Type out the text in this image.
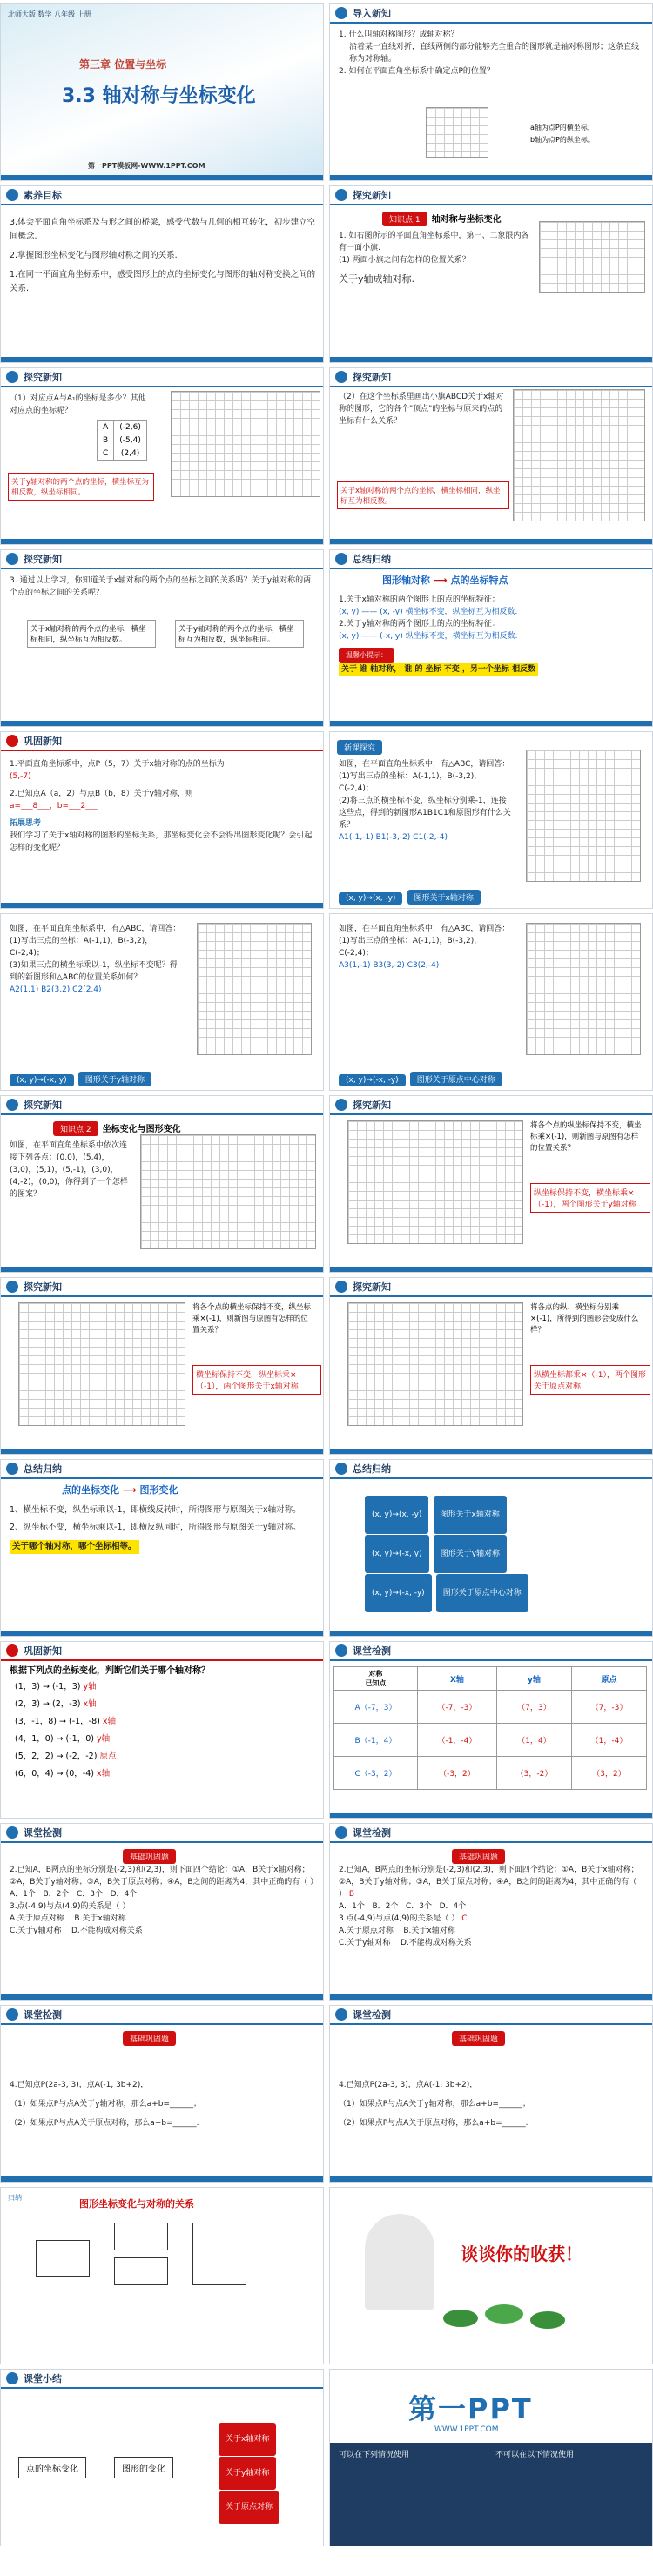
北师大版 数学 八年级 上册
第三章 位置与坐标
3.3 轴对称与坐标变化
第一PPT模板网-WWW.1PPT.COM
导入新知
1. 什么叫轴对称图形？成轴对称？
沿着某一直线对折，直线两侧的部分能够完全重合的图形就是轴对称图形；这条直线称为对称轴。
2. 如何在平面直角坐标系中确定点P的位置？
a轴为点P的横坐标，
b轴为点P的纵坐标。
素养目标
3.体会平面直角坐标系及与形之间的桥梁，感受代数与几何的相互转化，初步建立空间概念.
2.掌握图形坐标变化与图形轴对称之间的关系.
1.在同一平面直角坐标系中，感受图形上的点的坐标变化与图形的轴对称变换之间的关系.
探究新知
知识点 1 轴对称与坐标变化
1. 如右图所示的平面直角坐标系中，第一、二象限内各有一面小旗.
(1) 两面小旗之间有怎样的位置关系？
关于y轴成轴对称.
探究新知
（1）对应点A与A₁的坐标是多少？其他对应点的坐标呢？
A	(-2,6)
B	(-5,4)
C	(2,4)
关于y轴对称的两个点的坐标，横坐标互为相反数，纵坐标相同。
探究新知
（2）在这个坐标系里画出小旗ABCD关于x轴对称的图形，它的各个"顶点"的坐标与原来的点的坐标有什么关系？
关于x轴对称的两个点的坐标，横坐标相同，纵坐标互为相反数。
探究新知
3. 通过以上学习，你知道关于x轴对称的两个点的坐标之间的关系吗？关于y轴对称的两个点的坐标之间的关系呢？
关于x轴对称的两个点的坐标，横坐标相同，纵坐标互为相反数。
关于y轴对称的两个点的坐标，横坐标互为相反数，纵坐标相同。
总结归纳
图形轴对称 ⟶ 点的坐标特点
1.关于x轴对称的两个图形上的点的坐标特征：
(x, y) —— (x, -y) 横坐标不变，纵坐标互为相反数.
2.关于y轴对称的两个图形上的点的坐标特征：
(x, y) —— (-x, y) 纵坐标不变，横坐标互为相反数.
温馨小提示：
关于 谁 轴对称， 谁 的 坐标 不变 ，另一个坐标 相反数
巩固新知
1.平面直角坐标系中，点P（5，7）关于x轴对称的点的坐标为
(5,-7)
2.已知点A（a，2）与点B（b，8）关于y轴对称，则
a=___8___，b=___2___
拓展思考
我们学习了关于x轴对称的图形的坐标关系，那坐标变化会不会得出图形变化呢？会引起怎样的变化呢？
新课探究
如图，在平面直角坐标系中，有△ABC，请回答：
(1)写出三点的坐标：A(-1,1)，B(-3,2)，C(-2,4)；
(2)将三点的横坐标不变，纵坐标分别乘-1，连接这些点，得到的新图形A1B1C1和原图形有什么关系？
A1(-1,-1) B1(-3,-2) C1(-2,-4)
(x, y)→(x, -y) 图形关于x轴对称
如图，在平面直角坐标系中，有△ABC，请回答：
(1)写出三点的坐标：A(-1,1)，B(-3,2)，C(-2,4)；
(3)如果三点的横坐标乘以-1，纵坐标不变呢？得到的新图形和△ABC的位置关系如何？
A2(1,1) B2(3,2) C2(2,4)
(x, y)→(-x, y) 图形关于y轴对称
如图，在平面直角坐标系中，有△ABC，请回答：
(1)写出三点的坐标：A(-1,1)，B(-3,2)，C(-2,4)；
A3(1,-1) B3(3,-2) C3(2,-4)
(x, y)→(-x, -y) 图形关于原点中心对称
探究新知
知识点 2 坐标变化与图形变化
如图，在平面直角坐标系中依次连接下列各点：(0,0)，(5,4)，(3,0)，(5,1)，(5,-1)，(3,0)，(4,-2)，(0,0)，你得到了一个怎样的图案？
探究新知
将各个点的纵坐标保持不变，横坐标乘×(-1)，则新图与原图有怎样的位置关系？
纵坐标保持不变，横坐标乘×（-1），两个图形关于y轴对称
探究新知
将各个点的横坐标保持不变，纵坐标乘×(-1)，则新图与原图有怎样的位置关系？
横坐标保持不变，纵坐标乘×（-1），两个图形关于x轴对称
探究新知
将各点的纵、横坐标分别乘×(-1)，所得到的图形会变成什么样？
纵横坐标都乘×（-1），两个图形关于原点对称
总结归纳
点的坐标变化 ⟶ 图形变化
1、横坐标不变，纵坐标乘以-1，即横线反转时，所得图形与原图关于x轴对称。
2、纵坐标不变，横坐标乘以-1，即横反纵同时，所得图形与原图关于y轴对称。
关于哪个轴对称，哪个坐标相等。
总结归纳
(x, y)→(x, -y) 图形关于x轴对称
(x, y)→(-x, y) 图形关于y轴对称
(x, y)→(-x, -y) 图形关于原点中心对称
巩固新知
根据下列点的坐标变化，判断它们关于哪个轴对称？
(1，3) → (-1，3) y轴
(2，3) → (2，-3) x轴
(3，-1，8) → (-1，-8) x轴
(4，1，0) → (-1，0) y轴
(5，2，2) → (-2，-2) 原点
(6，0，4) → (0，-4) x轴
课堂检测
对称
已知点	X轴	y轴	原点
A（-7，3）	（-7，-3）	（7，3）	（7，-3）
B（-1，4）	（-1，-4）	（1，4）	（1，-4）
C（-3，2）	（-3，2）	（3，-2）	（3，2）
课堂检测
基础巩固题
2.已知A，B两点的坐标分别是(-2,3)和(2,3)，则下面四个结论：①A，B关于x轴对称；②A，B关于y轴对称；③A，B关于原点对称；④A，B之间的距离为4，其中正确的有（ ）
A．1个 B．2个 C．3个 D．4个
3.点(-4,9)与点(4,9)的关系是（ ）
A.关于原点对称 B.关于x轴对称
C.关于y轴对称 D.不能构成对称关系
课堂检测
基础巩固题
2.已知A，B两点的坐标分别是(-2,3)和(2,3)，则下面四个结论：①A，B关于x轴对称；②A，B关于y轴对称；③A，B关于原点对称；④A，B之间的距离为4，其中正确的有（ ） B
A．1个 B．2个 C．3个 D．4个
3.点(-4,9)与点(4,9)的关系是（ ） C
A.关于原点对称 B.关于x轴对称
C.关于y轴对称 D.不能构成对称关系
课堂检测
基础巩固题
4.已知点P(2a-3, 3)，点A(-1, 3b+2)，
（1）如果点P与点A关于y轴对称，那么a+b=______；
（2）如果点P与点A关于原点对称，那么a+b=______.
课堂检测
基础巩固题
4.已知点P(2a-3, 3)，点A(-1, 3b+2)，
（1）如果点P与点A关于y轴对称，那么a+b=______；
（2）如果点P与点A关于原点对称，那么a+b=______.
归纳
图形坐标变化与对称的关系
谈谈你的收获！
课堂小结
点的坐标变化	图形的变化
关于x轴对称
关于y轴对称
关于原点对称
第一PPT
WWW.1PPT.COM
可以在下列情况使用	不可以在以下情况使用
